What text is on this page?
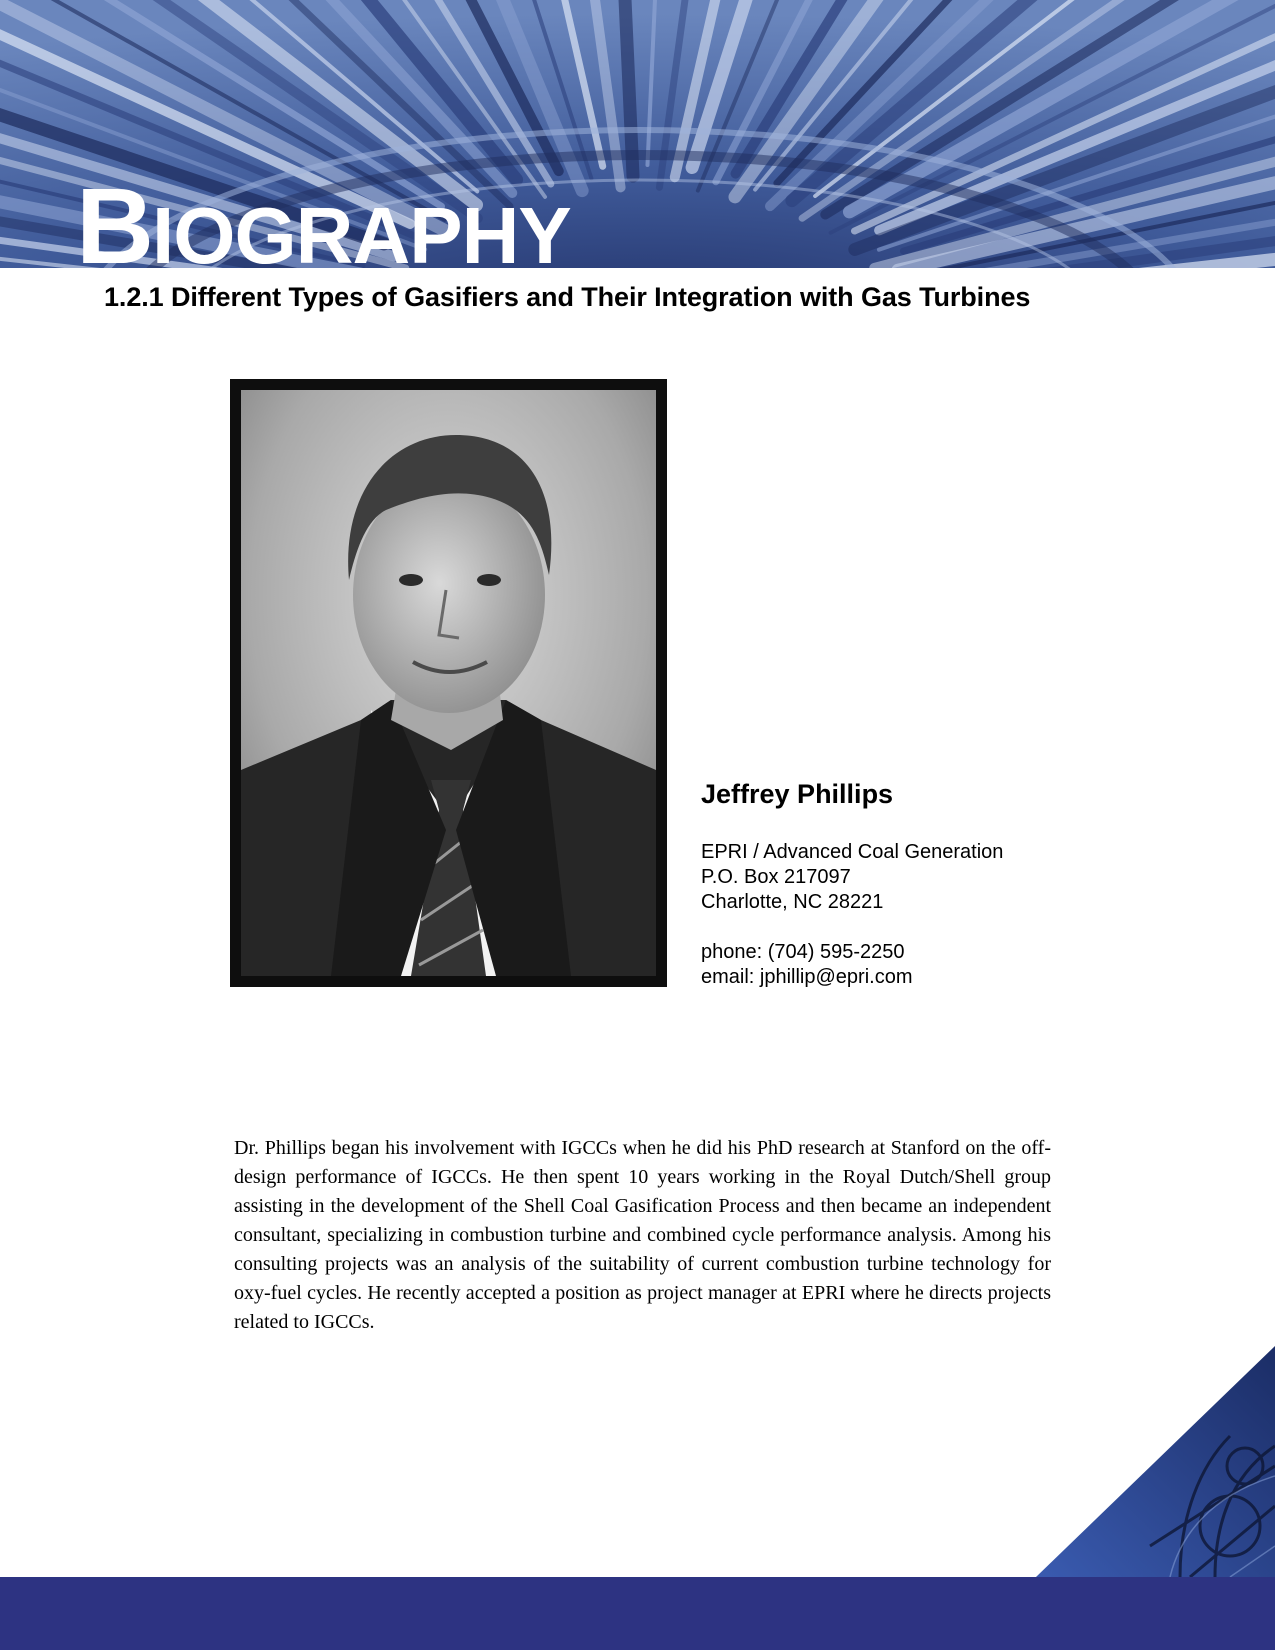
BIOGRAPHY
1.2.1 Different Types of Gasifiers and Their Integration with Gas Turbines
Jeffrey Phillips
EPRI / Advanced Coal Generation
P.O. Box 217097
Charlotte, NC 28221
phone: (704) 595-2250
email: jphillip@epri.com
Dr. Phillips began his involvement with IGCCs when he did his PhD research at Stanford on the off-design performance of IGCCs. He then spent 10 years working in the Royal Dutch/Shell group assisting in the development of the Shell Coal Gasification Process and then became an independent consultant, specializing in combustion turbine and combined cycle performance analysis. Among his consulting projects was an analysis of the suitability of current combustion turbine technology for oxy-fuel cycles. He recently accepted a position as project manager at EPRI where he directs projects related to IGCCs.
